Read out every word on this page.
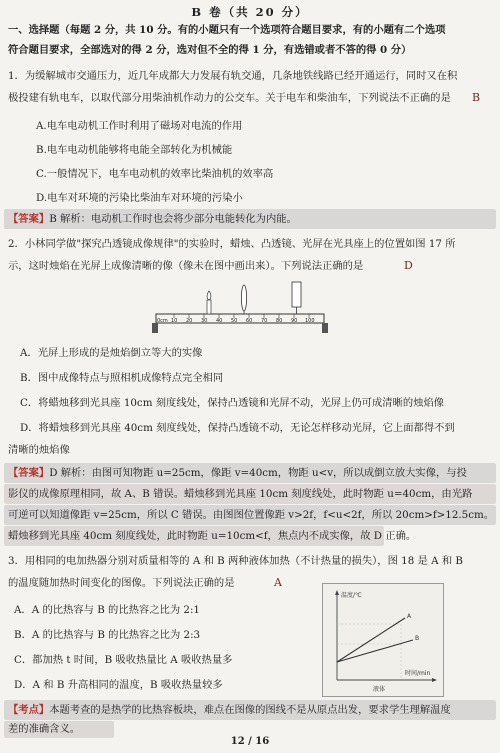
B 卷（共 20 分）
一、选择题（每题 2 分，共 10 分。有的小题只有一个选项符合题目要求，有的小题有二个选项
符合题目要求，全部选对的得 2 分，选对但不全的得 1 分，有选错或者不答的得 0 分）
1．为缓解城市交通压力，近几年成都大力发展有轨交通，几条地铁线路已经开通运行，同时又在积
极投建有轨电车，以取代部分用柴油机作动力的公交车。关于电车和柴油车，下列说法不正确的是	B
A.电车电动机工作时利用了磁场对电流的作用
B.电车电动机能够将电能全部转化为机械能
C.一般情况下，电车电动机的效率比柴油机的效率高
D.电车对环境的污染比柴油车对环境的污染小
【答案】B 解析：电动机工作时也会将少部分电能转化为内能。
2．小林同学做"探究凸透镜成像规律"的实验时，蜡烛、凸透镜、光屏在光具座上的位置如图 17 所
示，这时烛焰在光屏上成像清晰的像（像未在图中画出来）。下列说法正确的是	D
0cm 10 20 30 40 50 60 70 80 90 100
A．光屏上形成的是烛焰倒立等大的实像
B．图中成像特点与照相机成像特点完全相同
C．将蜡烛移到光具座 10cm 刻度线处，保持凸透镜和光屏不动，光屏上仍可成清晰的烛焰像
D．将蜡烛移到光具座 40cm 刻度线处，保持凸透镜不动，无论怎样移动光屏，它上面都得不到
清晰的烛焰像
【答案】D 解析：由图可知物距 u=25cm，像距 v=40cm，物距 u<v，所以成倒立放大实像，与投
影仪的成像原理相同，故 A、B 错误。蜡烛移到光具座 10cm 刻度线处，此时物距 u=40cm，由光路
可逆可以知道像距 v=25cm，所以 C 错误。由图图位置像距 v>2f，f<u<2f，所以 20cm>f>12.5cm。
蜡烛移到光具座 40cm 刻度线处，此时物距 u=10cm<f，焦点内不成实像，故 D 正确。
3．用相同的电加热器分别对质量相等的 A 和 B 两种液体加热（不计热量的损失），图 18 是 A 和 B
的温度随加热时间变化的图像。下列说法正确的是	A
A．A 的比热容与 B 的比热容之比为 2:1
B．A 的比热容与 B 的比热容之比为 2:3
C．都加热 t 时间，B 吸收热量比 A 吸收热量多
D．A 和 B 升高相同的温度，B 吸收热量较多
温度/℃
时间/min
A
B
液体
【考点】本题考查的是热学的比热容板块，难点在图像的图线不是从原点出发，要求学生理解温度
差的准确含义。
12 / 16
